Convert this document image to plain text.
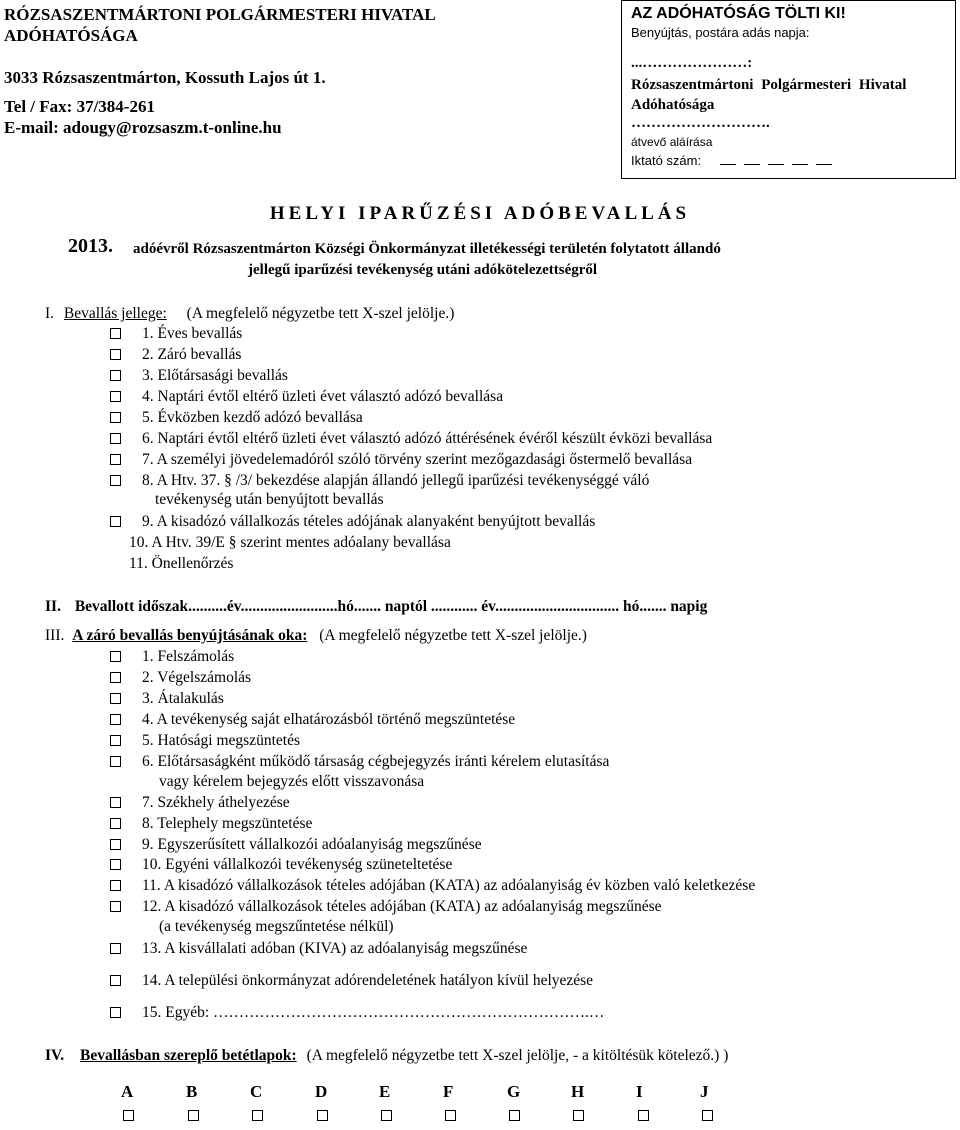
RÓZSASZENTMÁRTONI POLGÁRMESTERI HIVATAL
ADÓHATÓSÁGA
3033 Rózsaszentmárton, Kossuth Lajos út 1.
Tel / Fax: 37/384-261
E-mail: adougy@rozsaszm.t-online.hu
AZ ADÓHATÓSÁG TÖLTI KI!
Benyújtás, postára adás napja:
...…………………:
Rózsaszentmártoni Polgármesteri Hivatal
Adóhatósága
……………………….
átvevő aláírása
Iktató szám:
HELYI IPARŰZÉSI ADÓBEVALLÁS
2013. adóévről Rózsaszentmárton Községi Önkormányzat illetékességi területén folytatott állandó
jellegű iparűzési tevékenység utáni adókötelezettségről
I. Bevallás jellege: (A megfelelő négyzetbe tett X-szel jelölje.)
1. Éves bevallás
2. Záró bevallás
3. Előtársasági bevallás
4. Naptári évtől eltérő üzleti évet választó adózó bevallása
5. Évközben kezdő adózó bevallása
6. Naptári évtől eltérő üzleti évet választó adózó áttérésének évéről készült évközi bevallása
7. A személyi jövedelemadóról szóló törvény szerint mezőgazdasági őstermelő bevallása
8. A Htv. 37. § /3/ bekezdése alapján állandó jellegű iparűzési tevékenységgé váló
tevékenység után benyújtott bevallás
9. A kisadózó vállalkozás tételes adójának alanyaként benyújtott bevallás
10. A Htv. 39/E § szerint mentes adóalany bevallása
11. Önellenőrzés
II. Bevallott időszak..........év.........................hó....... naptól ............ év................................ hó....... napig
III. A záró bevallás benyújtásának oka: (A megfelelő négyzetbe tett X-szel jelölje.)
1. Felszámolás
2. Végelszámolás
3. Átalakulás
4. A tevékenység saját elhatározásból történő megszüntetése
5. Hatósági megszüntetés
6. Előtársaságként működő társaság cégbejegyzés iránti kérelem elutasítása
vagy kérelem bejegyzés előtt visszavonása
7. Székhely áthelyezése
8. Telephely megszüntetése
9. Egyszerűsített vállalkozói adóalanyiság megszűnése
10. Egyéni vállalkozói tevékenység szüneteltetése
11. A kisadózó vállalkozások tételes adójában (KATA) az adóalanyiság év közben való keletkezése
12. A kisadózó vállalkozások tételes adójában (KATA) az adóalanyiság megszűnése
(a tevékenység megszűntetése nélkül)
13. A kisvállalati adóban (KIVA) az adóalanyiság megszűnése
14. A települési önkormányzat adórendeletének hatályon kívül helyezése
15. Egyéb: ……………………………………………………………….…
IV. Bevallásban szereplő betétlapok: (A megfelelő négyzetbe tett X-szel jelölje, - a kitöltésük kötelező.) )
A	B	C	D	E	F	G	H	I	J
